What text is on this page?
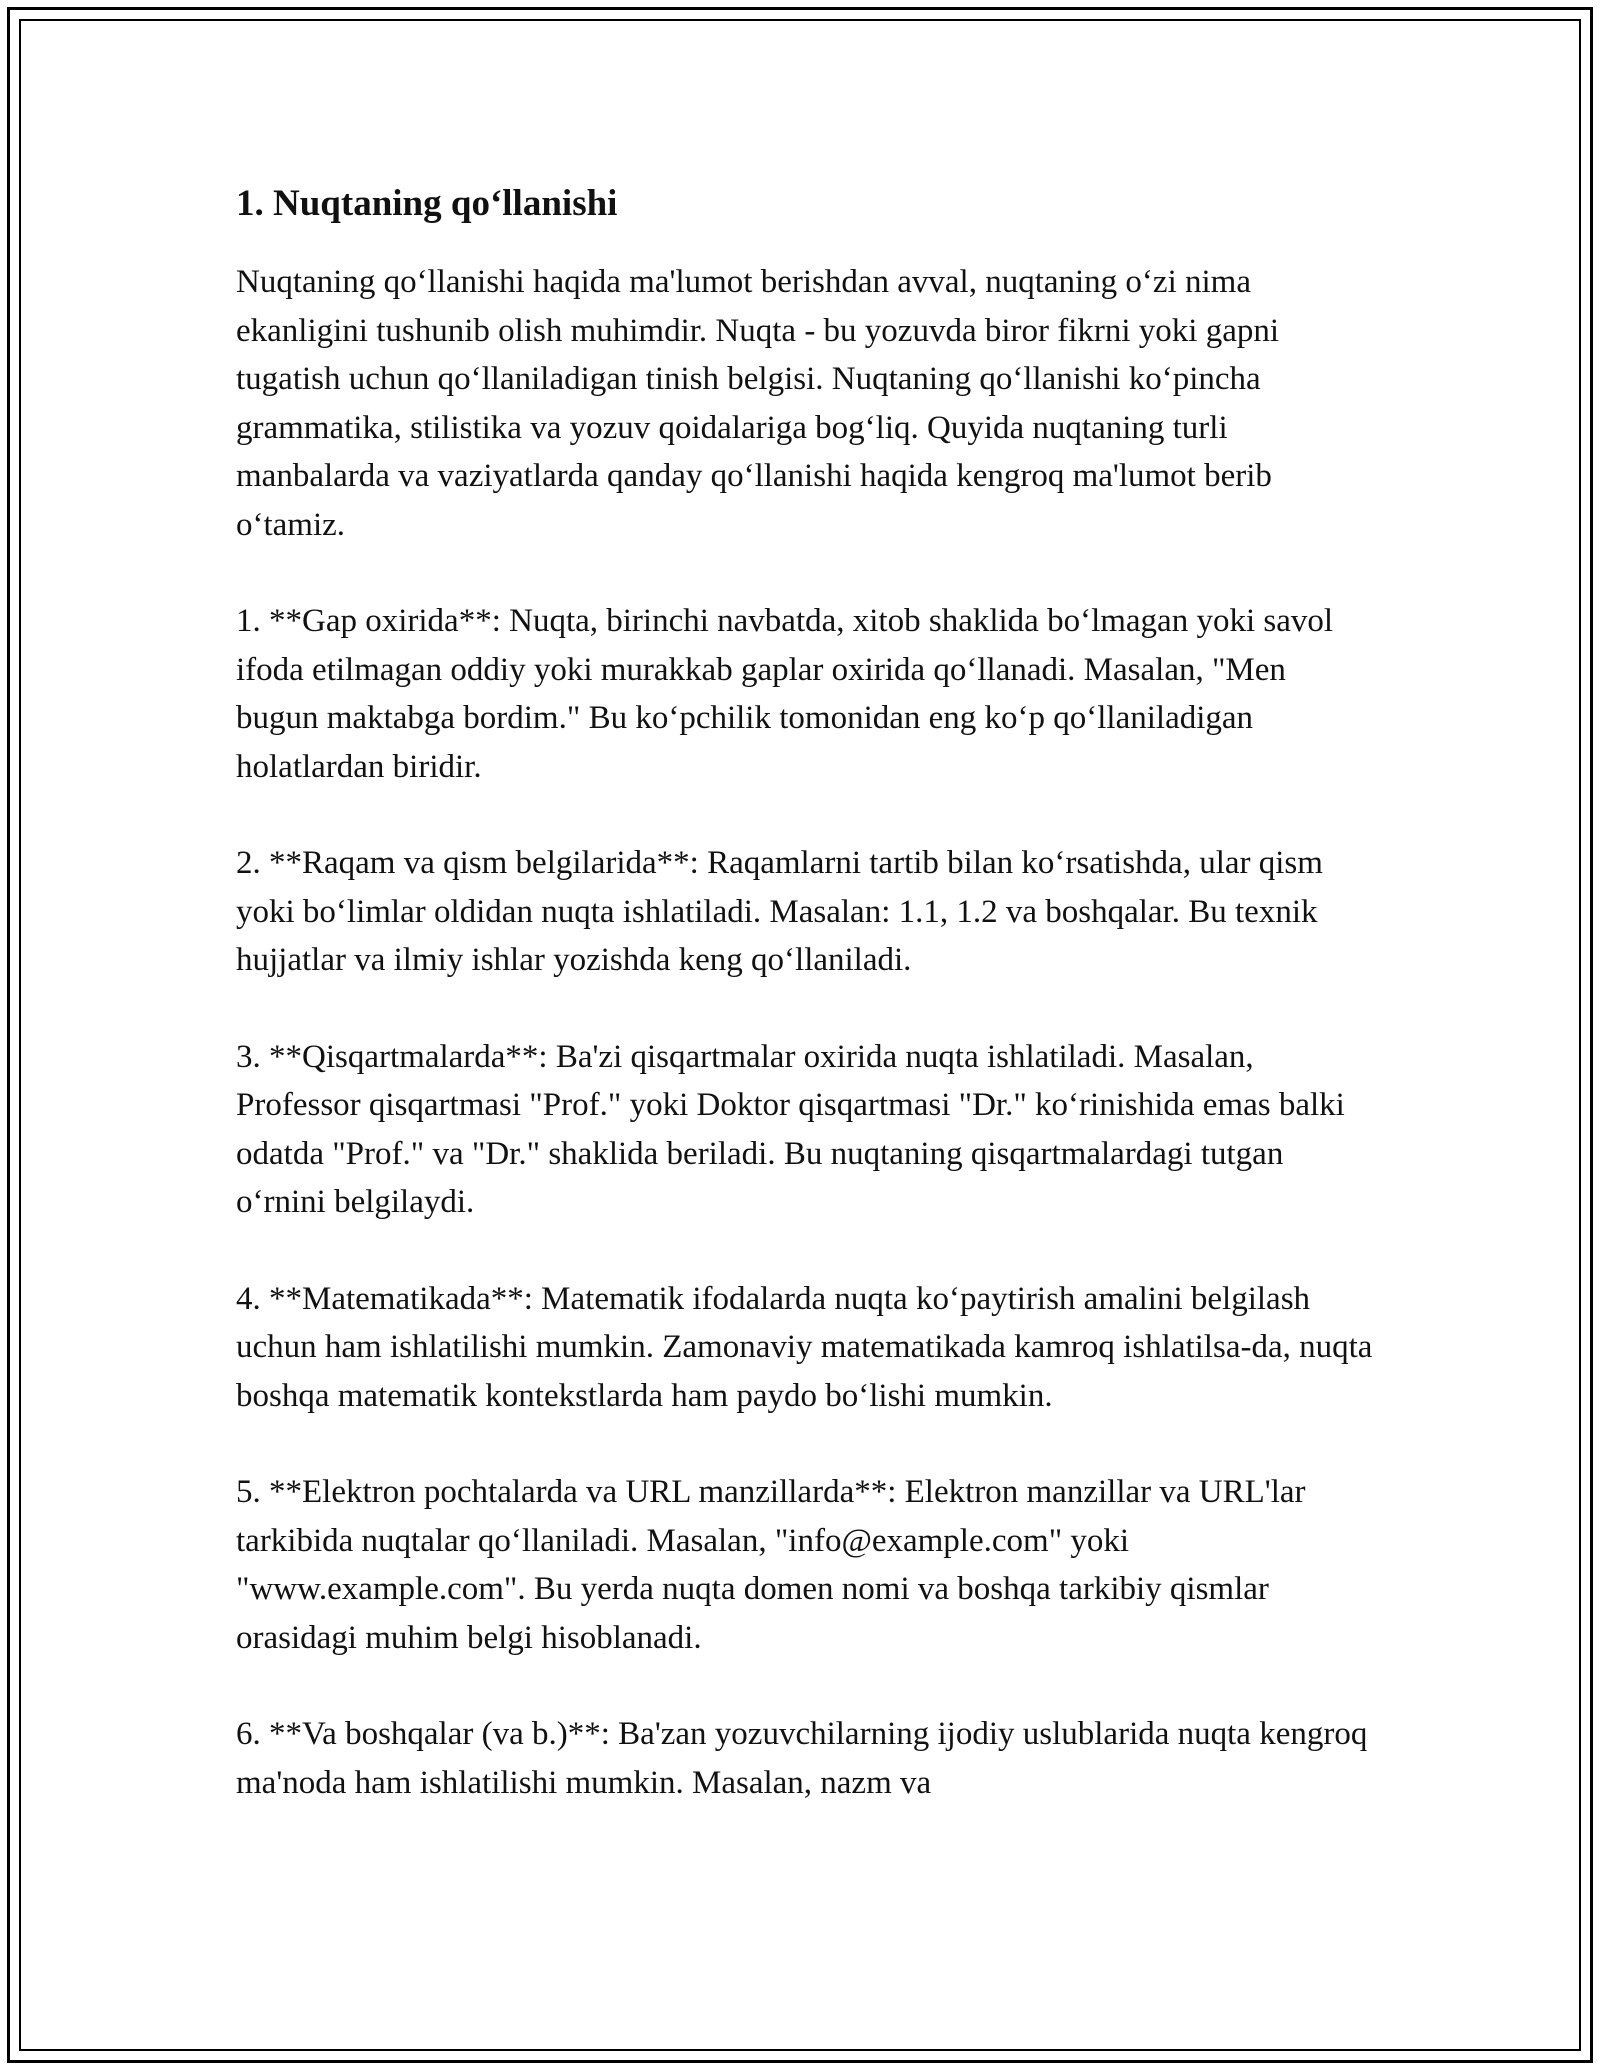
1. Nuqtaning qo‘llanishi

Nuqtaning qo‘llanishi haqida ma'lumot berishdan avval, nuqtaning o‘zi nima ekanligini tushunib olish muhimdir. Nuqta - bu yozuvda biror fikrni yoki gapni tugatish uchun qo‘llaniladigan tinish belgisi. Nuqtaning qo‘llanishi ko‘pincha grammatika, stilistika va yozuv qoidalariga bog‘liq. Quyida nuqtaning turli manbalarda va vaziyatlarda qanday qo‘llanishi haqida kengroq ma'lumot berib o‘tamiz.

1. **Gap oxirida**: Nuqta, birinchi navbatda, xitob shaklida bo‘lmagan yoki savol ifoda etilmagan oddiy yoki murakkab gaplar oxirida qo‘llanadi. Masalan, "Men bugun maktabga bordim." Bu ko‘pchilik tomonidan eng ko‘p qo‘llaniladigan holatlardan biridir.

2. **Raqam va qism belgilarida**: Raqamlarni tartib bilan ko‘rsatishda, ular qism yoki bo‘limlar oldidan nuqta ishlatiladi. Masalan: 1.1, 1.2 va boshqalar. Bu texnik hujjatlar va ilmiy ishlar yozishda keng qo‘llaniladi.

3. **Qisqartmalarda**: Ba'zi qisqartmalar oxirida nuqta ishlatiladi. Masalan, Professor qisqartmasi "Prof." yoki Doktor qisqartmasi "Dr." ko‘rinishida emas balki odatda "Prof." va "Dr." shaklida beriladi. Bu nuqtaning qisqartmalardagi tutgan o‘rnini belgilaydi.

4. **Matematikada**: Matematik ifodalarda nuqta ko‘paytirish amalini belgilash uchun ham ishlatilishi mumkin. Zamonaviy matematikada kamroq ishlatilsa-da, nuqta boshqa matematik kontekstlarda ham paydo bo‘lishi mumkin.

5. **Elektron pochtalarda va URL manzillarda**: Elektron manzillar va URL'lar tarkibida nuqtalar qo‘llaniladi. Masalan, "info@example.com" yoki "www.example.com". Bu yerda nuqta domen nomi va boshqa tarkibiy qismlar orasidagi muhim belgi hisoblanadi.

6. **Va boshqalar (va b.)**: Ba'zan yozuvchilarning ijodiy uslublarida nuqta kengroq ma'noda ham ishlatilishi mumkin. Masalan, nazm va
